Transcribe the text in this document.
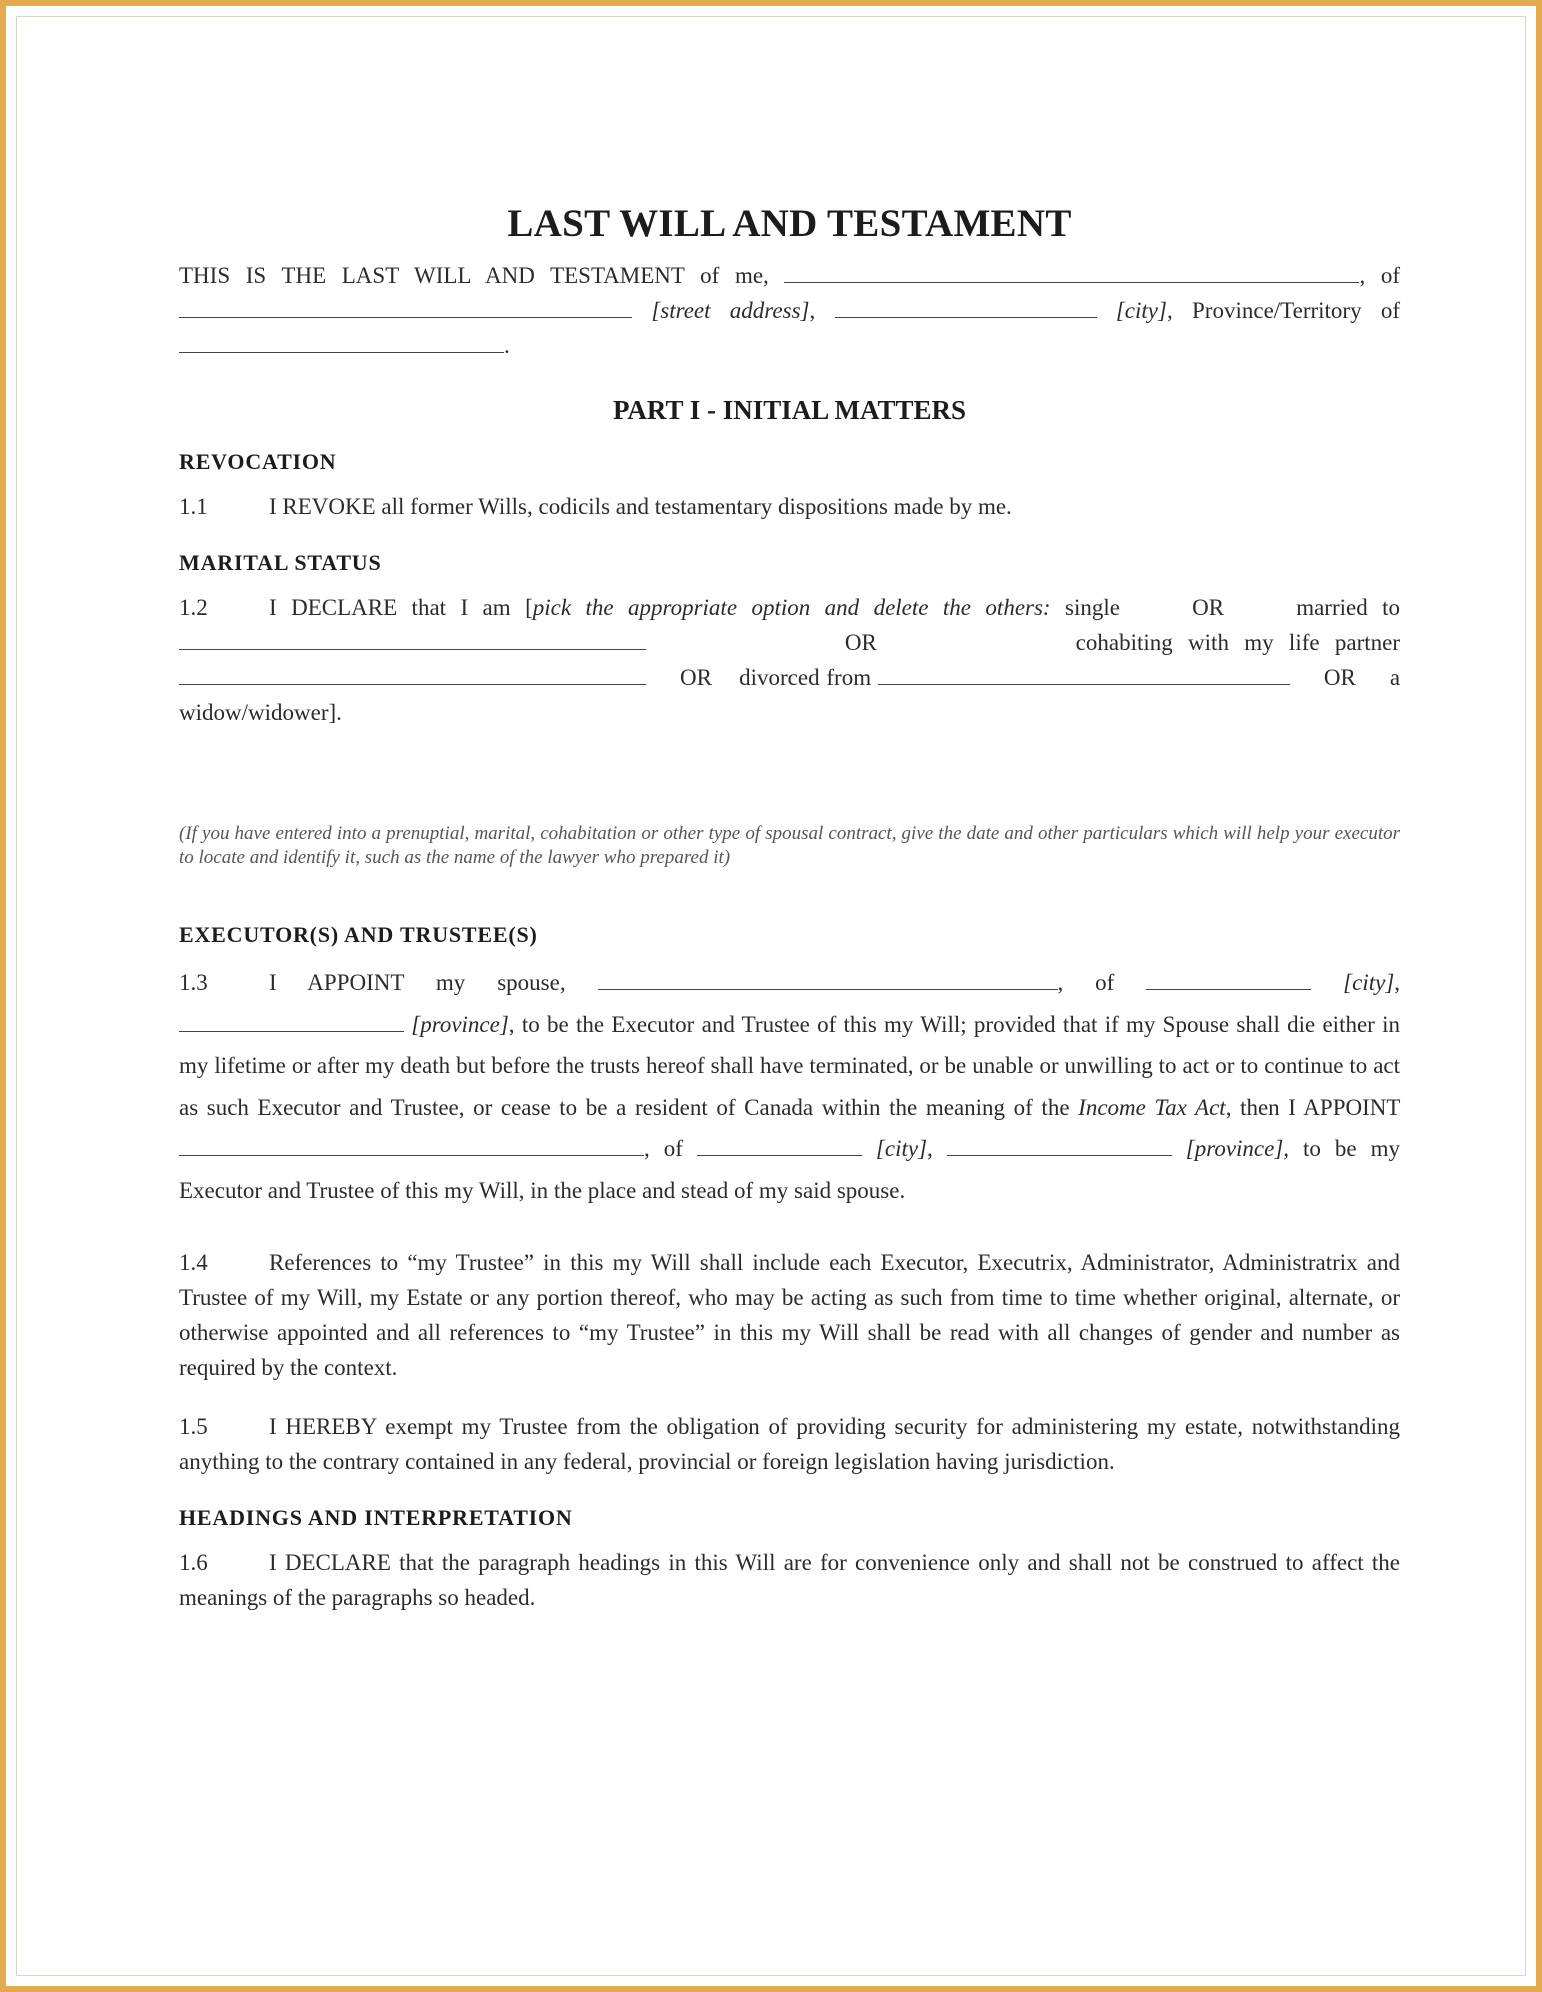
LAST WILL AND TESTAMENT

THIS IS THE LAST WILL AND TESTAMENT of me,	, of  [street address],	[city], Province/Territory of .

PART I - INITIAL MATTERS
REVOCATION

1.1	I REVOKE all former Wills, codicils and testamentary dispositions made by me.

MARITAL STATUS

1.2	I DECLARE that I am [pick the appropriate option and delete the others: single	OR	married to              OR	cohabiting with my life partner      OR divorced from	OR a widow/widower].

(If you have entered into a prenuptial, marital, cohabitation or other type of spousal contract, give the date and other particulars which will help your executor to locate and identify it, such as the name of the lawyer who prepared it)

EXECUTOR(S) AND TRUSTEE(S)

1.3	I APPOINT my spouse,	, of	[city],  [province], to be the Executor and Trustee of this my Will; provided that if my Spouse shall die either in my lifetime or after my death but before the trusts hereof shall have terminated, or be unable or unwilling to act or to continue to act as such Executor and Trustee, or cease to be a resident of Canada within the meaning of the Income Tax Act, then I APPOINT , of	[city],	[province], to be my Executor and Trustee of this my Will, in the place and stead of my said spouse.

1.4	References to “my Trustee” in this my Will shall include each Executor, Executrix, Administrator, Administratrix and Trustee of my Will, my Estate or any portion thereof, who may be acting as such from time to time whether original, alternate, or otherwise appointed and all references to “my Trustee” in this my Will shall be read with all changes of gender and number as required by the context.

1.5	I HEREBY exempt my Trustee from the obligation of providing security for administering my estate, notwithstanding anything to the contrary contained in any federal, provincial or foreign legislation having jurisdiction.

HEADINGS AND INTERPRETATION

1.6	I DECLARE that the paragraph headings in this Will are for convenience only and shall not be construed to affect the meanings of the paragraphs so headed.
